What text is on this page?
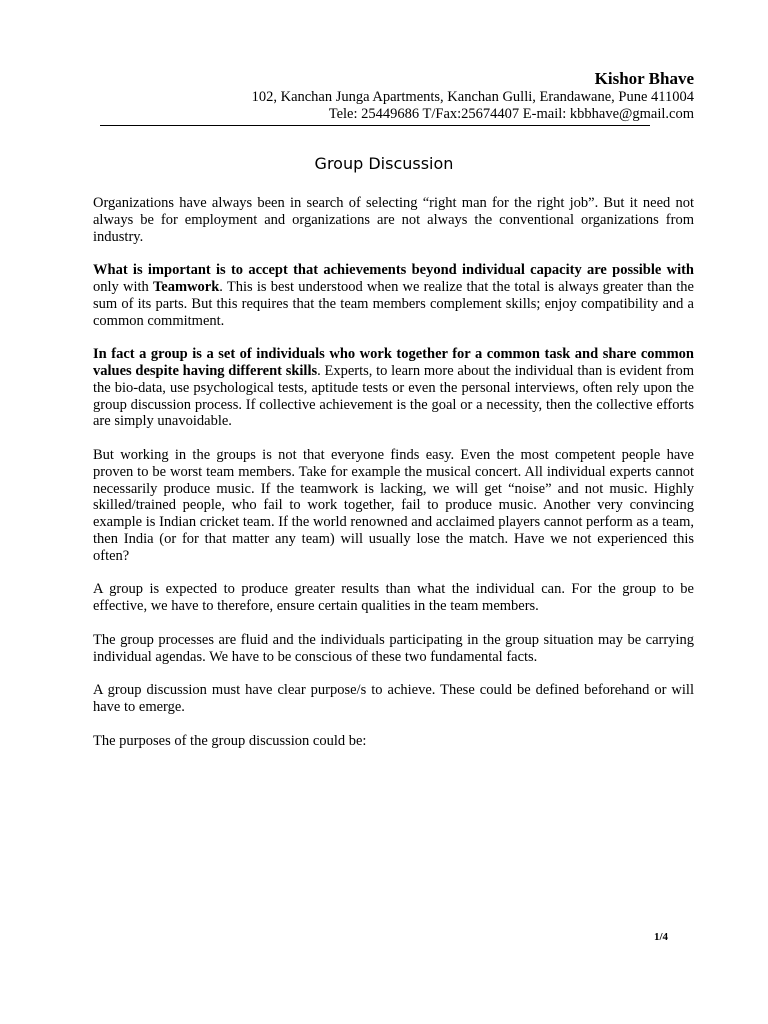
Kishor Bhave
102, Kanchan Junga Apartments, Kanchan Gulli, Erandawane, Pune 411004
Tele: 25449686 T/Fax:25674407 E-mail: kbbhave@gmail.com
Group Discussion

Organizations have always been in search of selecting “right man for the right job”. But it need not always be for employment and organizations are not always the conventional organizations from industry.

What is important is to accept that achievements beyond individual capacity are possible with only with Teamwork. This is best understood when we realize that the total is always greater than the sum of its parts. But this requires that the team members complement skills; enjoy compatibility and a common commitment.

In fact a group is a set of individuals who work together for a common task and share common values despite having different skills. Experts, to learn more about the individual than is evident from the bio-data, use psychological tests, aptitude tests or even the personal interviews, often rely upon the group discussion process. If collective achievement is the goal or a necessity, then the collective efforts are simply unavoidable.

But working in the groups is not that everyone finds easy. Even the most competent people have proven to be worst team members. Take for example the musical concert. All individual experts cannot necessarily produce music. If the teamwork is lacking, we will get “noise” and not music. Highly skilled/trained people, who fail to work together, fail to produce music. Another very convincing example is Indian cricket team. If the world renowned and acclaimed players cannot perform as a team, then India (or for that matter any team) will usually lose the match. Have we not experienced this often?

A group is expected to produce greater results than what the individual can. For the group to be effective, we have to therefore, ensure certain qualities in the team members.

The group processes are fluid and the individuals participating in the group situation may be carrying individual agendas. We have to be conscious of these two fundamental facts.

A group discussion must have clear purpose/s to achieve. These could be defined beforehand or will have to emerge.

The purposes of the group discussion could be:

1/4
